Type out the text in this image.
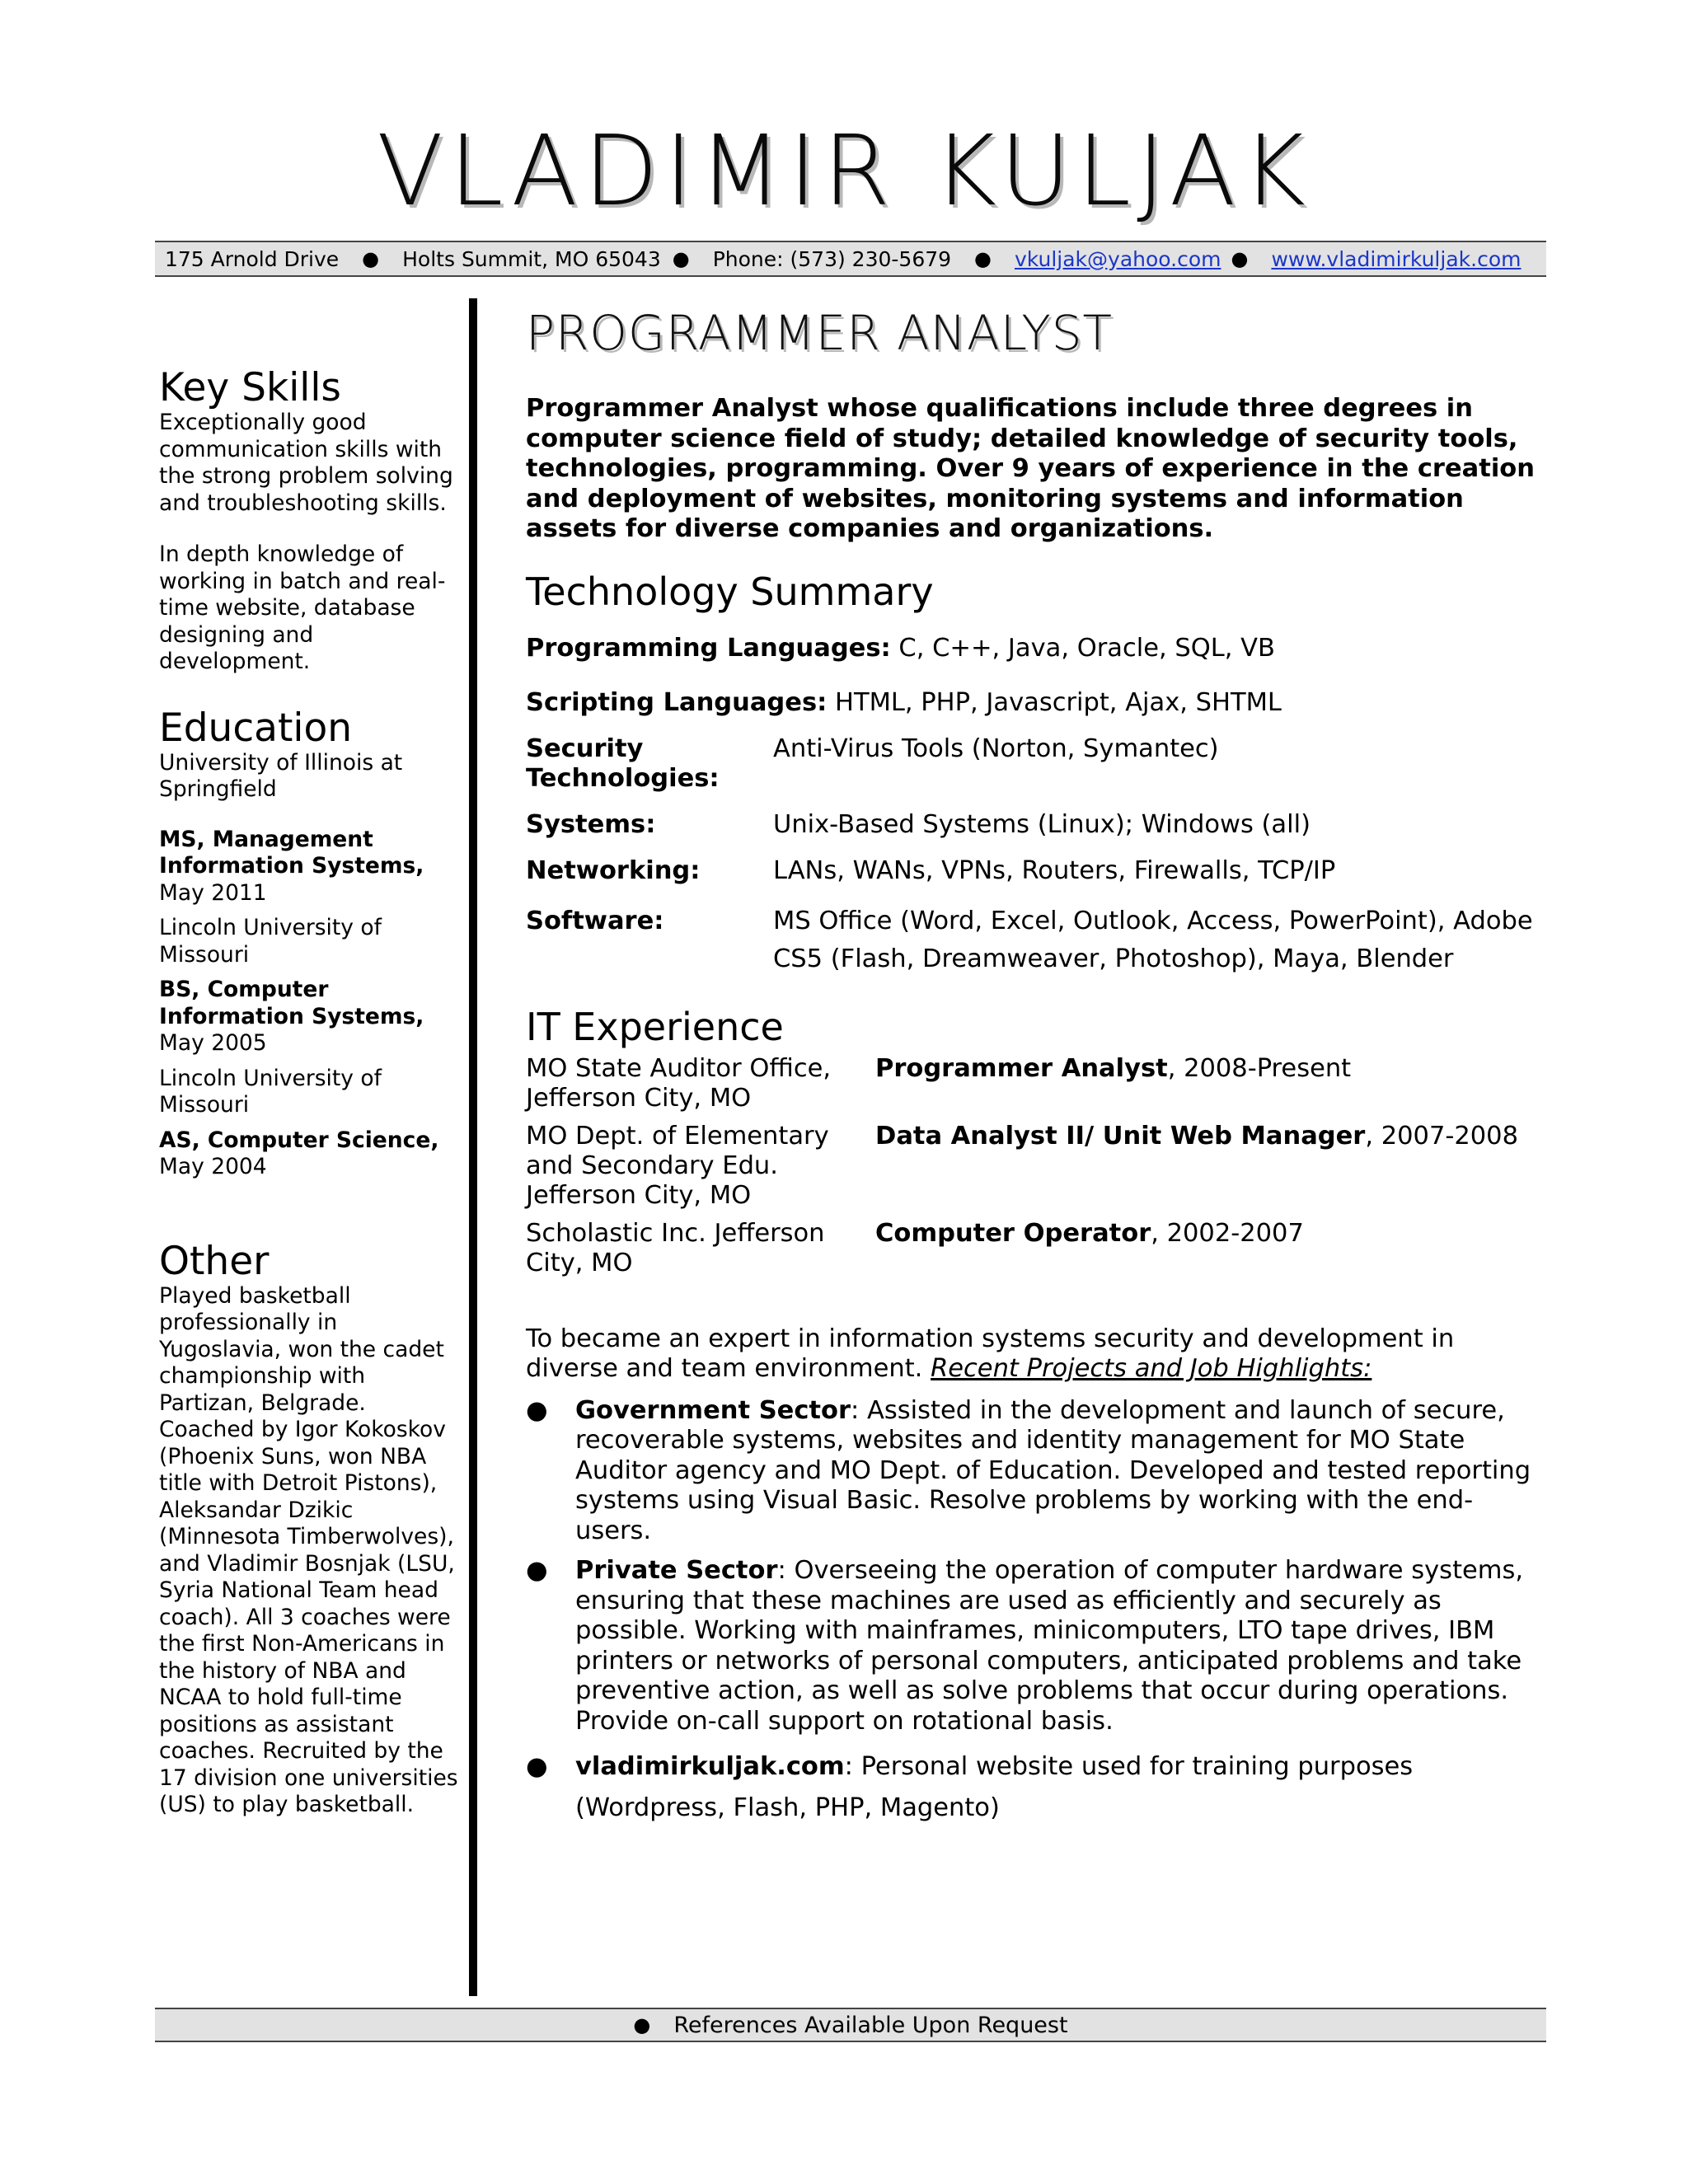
VLADIMIR KULJAK
175 Arnold Drive	●	Holts Summit, MO 65043 ●	Phone: (573) 230-5679	●	vkuljak@yahoo.com ●	www.vladimirkuljak.com
Key Skills

Exceptionally good communication skills with the strong problem solving and troubleshooting skills.

In depth knowledge of working in batch and real-time website, database designing and development.

Education

University of Illinois at Springfield

MS, Management Information Systems,

May 2011

Lincoln University of Missouri

BS, Computer Information Systems,

May 2005

Lincoln University of Missouri

AS, Computer Science,

May 2004

Other

Played basketball professionally in Yugoslavia, won the cadet championship with Partizan, Belgrade. Coached by Igor Kokoskov (Phoenix Suns, won NBA title with Detroit Pistons), Aleksandar Dzikic (Minnesota Timberwolves), and Vladimir Bosnjak (LSU, Syria National Team head coach). All 3 coaches were the first Non-Americans in the history of NBA and NCAA to hold full-time positions as assistant coaches. Recruited by the 17 division one universities (US) to play basketball.

PROGRAMMER ANALYST
Programmer Analyst whose qualifications include three degrees in computer science field of study; detailed knowledge of security tools, technologies, programming. Over 9 years of experience in the creation and deployment of websites, monitoring systems and information assets for diverse companies and organizations.
Technology Summary
Programming Languages:
C, C++, Java, Oracle, SQL, VB
Scripting Languages:
HTML, PHP, Javascript, Ajax, SHTML
Security Technologies:
Anti-Virus Tools (Norton, Symantec)
Systems:	Unix-Based Systems (Linux); Windows (all)
Networking:	LANs, WANs, VPNs, Routers, Firewalls, TCP/IP
Software:	MS Office (Word, Excel, Outlook, Access, PowerPoint), Adobe CS5 (Flash, Dreamweaver, Photoshop), Maya, Blender
IT Experience
MO State Auditor Office, Jefferson City, MO
Programmer Analyst, 2008-Present
MO Dept. of Elementary and Secondary Edu. Jefferson City, MO
Data Analyst II/ Unit Web Manager, 2007-2008
Scholastic Inc. Jefferson City, MO
Computer Operator, 2002-2007
To became an expert in information systems security and development in diverse and team environment. Recent Projects and Job Highlights:
● Government Sector: Assisted in the development and launch of secure, recoverable systems, websites and identity management for MO State Auditor agency and MO Dept. of Education. Developed and tested reporting systems using Visual Basic. Resolve problems by working with the end-users.
● Private Sector: Overseeing the operation of computer hardware systems, ensuring that these machines are used as efficiently and securely as possible. Working with mainframes, minicomputers, LTO tape drives, IBM printers or networks of personal computers, anticipated problems and take preventive action, as well as solve problems that occur during operations. Provide on-call support on rotational basis.
● vladimirkuljak.com: Personal website used for training purposes
(Wordpress, Flash, PHP, Magento)
●	References Available Upon Request
